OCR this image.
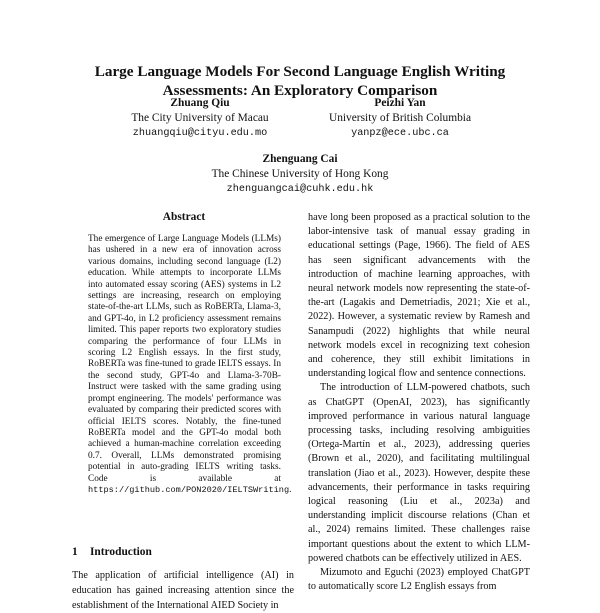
Large Language Models For Second Language English Writing
Assessments: An Exploratory Comparison
Zhuang Qiu
The City University of Macau
zhuangqiu@cityu.edu.mo
Peizhi Yan
University of British Columbia
yanpz@ece.ubc.ca
Zhenguang Cai
The Chinese University of Hong Kong
zhenguangcai@cuhk.edu.hk
Abstract
The emergence of Large Language Models (LLMs) has ushered in a new era of innovation across various domains, including second language (L2) education. While attempts to incorporate LLMs into automated essay scoring (AES) systems in L2 settings are increasing, research on employing state-of-the-art LLMs, such as RoBERTa, Llama-3, and GPT-4o, in L2 proficiency assessment remains limited. This paper reports two exploratory studies comparing the performance of four LLMs in scoring L2 English essays. In the first study, RoBERTa was fine-tuned to grade IELTS essays. In the second study, GPT-4o and Llama-3-70B-Instruct were tasked with the same grading using prompt engineering. The models' performance was evaluated by comparing their predicted scores with official IELTS scores. Notably, the fine-tuned RoBERTa model and the GPT-4o modal both achieved a human-machine correlation exceeding 0.7. Overall, LLMs demonstrated promising potential in auto-grading IELTS writing tasks. Code is available at https://github.com/PON2020/IELTSWriting.
1 Introduction
The application of artificial intelligence (AI) in education has gained increasing attention since the establishment of the International AIED Society in

have long been proposed as a practical solution to the labor-intensive task of manual essay grading in educational settings (Page, 1966). The field of AES has seen significant advancements with the introduction of machine learning approaches, with neural network models now representing the state-of-the-art (Lagakis and Demetriadis, 2021; Xie et al., 2022). However, a systematic review by Ramesh and Sanampudi (2022) highlights that while neural network models excel in recognizing text cohesion and coherence, they still exhibit limitations in understanding logical flow and sentence connections.

The introduction of LLM-powered chatbots, such as ChatGPT (OpenAI, 2023), has significantly improved performance in various natural language processing tasks, including resolving ambiguities (Ortega-Martín et al., 2023), addressing queries (Brown et al., 2020), and facilitating multilingual translation (Jiao et al., 2023). However, despite these advancements, their performance in tasks requiring logical reasoning (Liu et al., 2023a) and understanding implicit discourse relations (Chan et al., 2024) remains limited. These challenges raise important questions about the extent to which LLM-powered chatbots can be effectively utilized in AES.

Mizumoto and Eguchi (2023) employed ChatGPT to automatically score L2 English essays from
